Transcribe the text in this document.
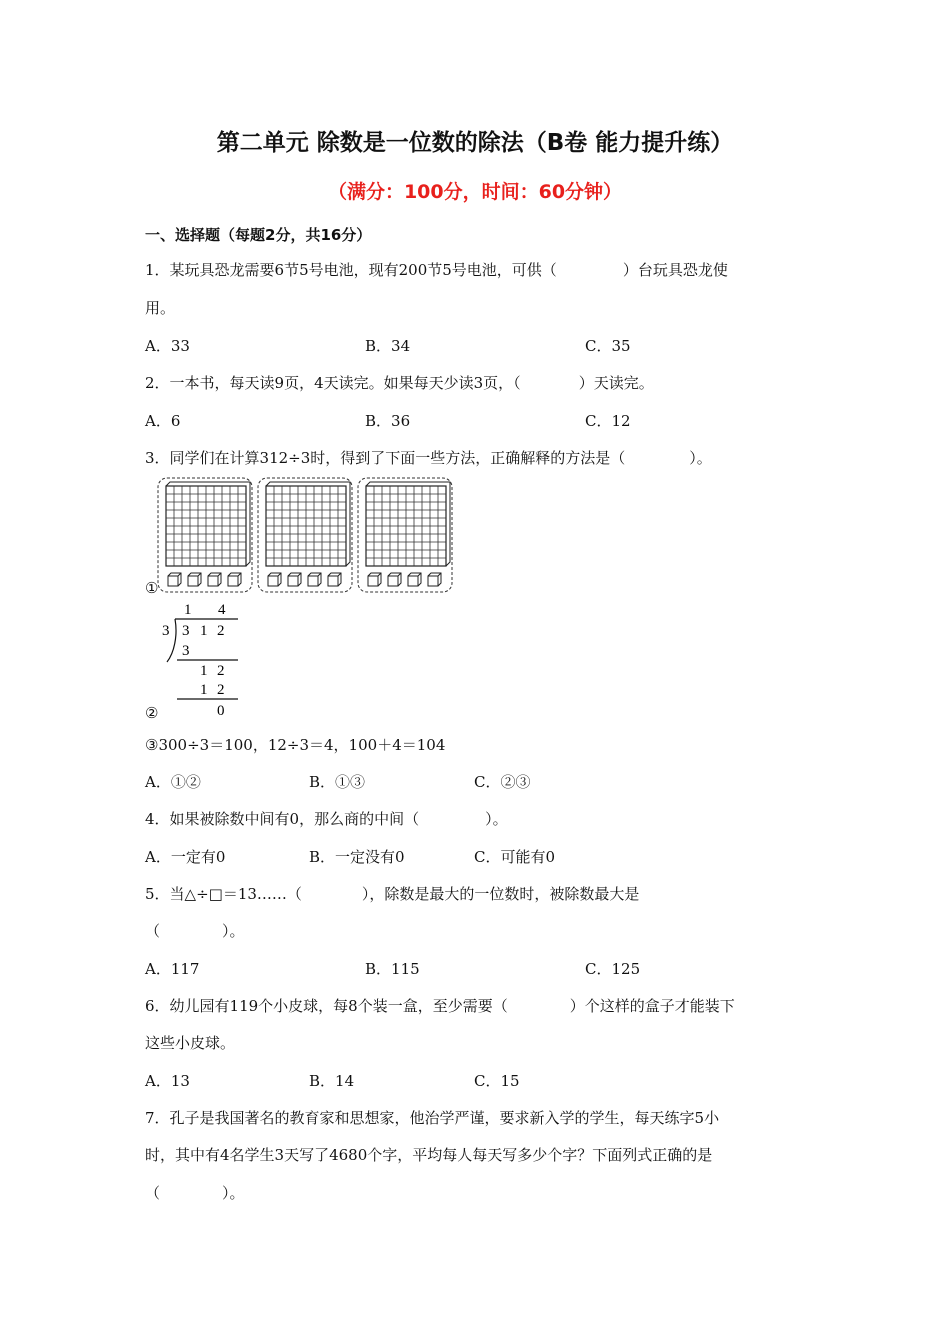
第二单元 除数是一位数的除法（B卷 能力提升练）
（满分：100分，时间：60分钟）
一、选择题（每题2分，共16分）
1．某玩具恐龙需要6节5号电池，现有200节5号电池，可供（	）台玩具恐龙使
用。
A．33	B．34	C．35
2．一本书，每天读9页，4天读完。如果每天少读3页，（	）天读完。
A．6	B．36	C．12
3．同学们在计算312÷3时，得到了下面一些方法，正确解释的方法是（	）。
①
1 4
3 3 1 2
3
1 2
1 2
0
②
③300÷3＝100，12÷3＝4，100＋4＝104
A．①②	B．①③	C．②③
4．如果被除数中间有0，那么商的中间（	）。
A．一定有0	B．一定没有0	C．可能有0
5．当△÷□＝13……（	），除数是最大的一位数时，被除数最大是
（	）。
A．117	B．115	C．125
6．幼儿园有119个小皮球，每8个装一盒，至少需要（	）个这样的盒子才能装下
这些小皮球。
A．13	B．14	C．15
7．孔子是我国著名的教育家和思想家，他治学严谨，要求新入学的学生，每天练字5小
时，其中有4名学生3天写了4680个字，平均每人每天写多少个字？下面列式正确的是
（	）。
